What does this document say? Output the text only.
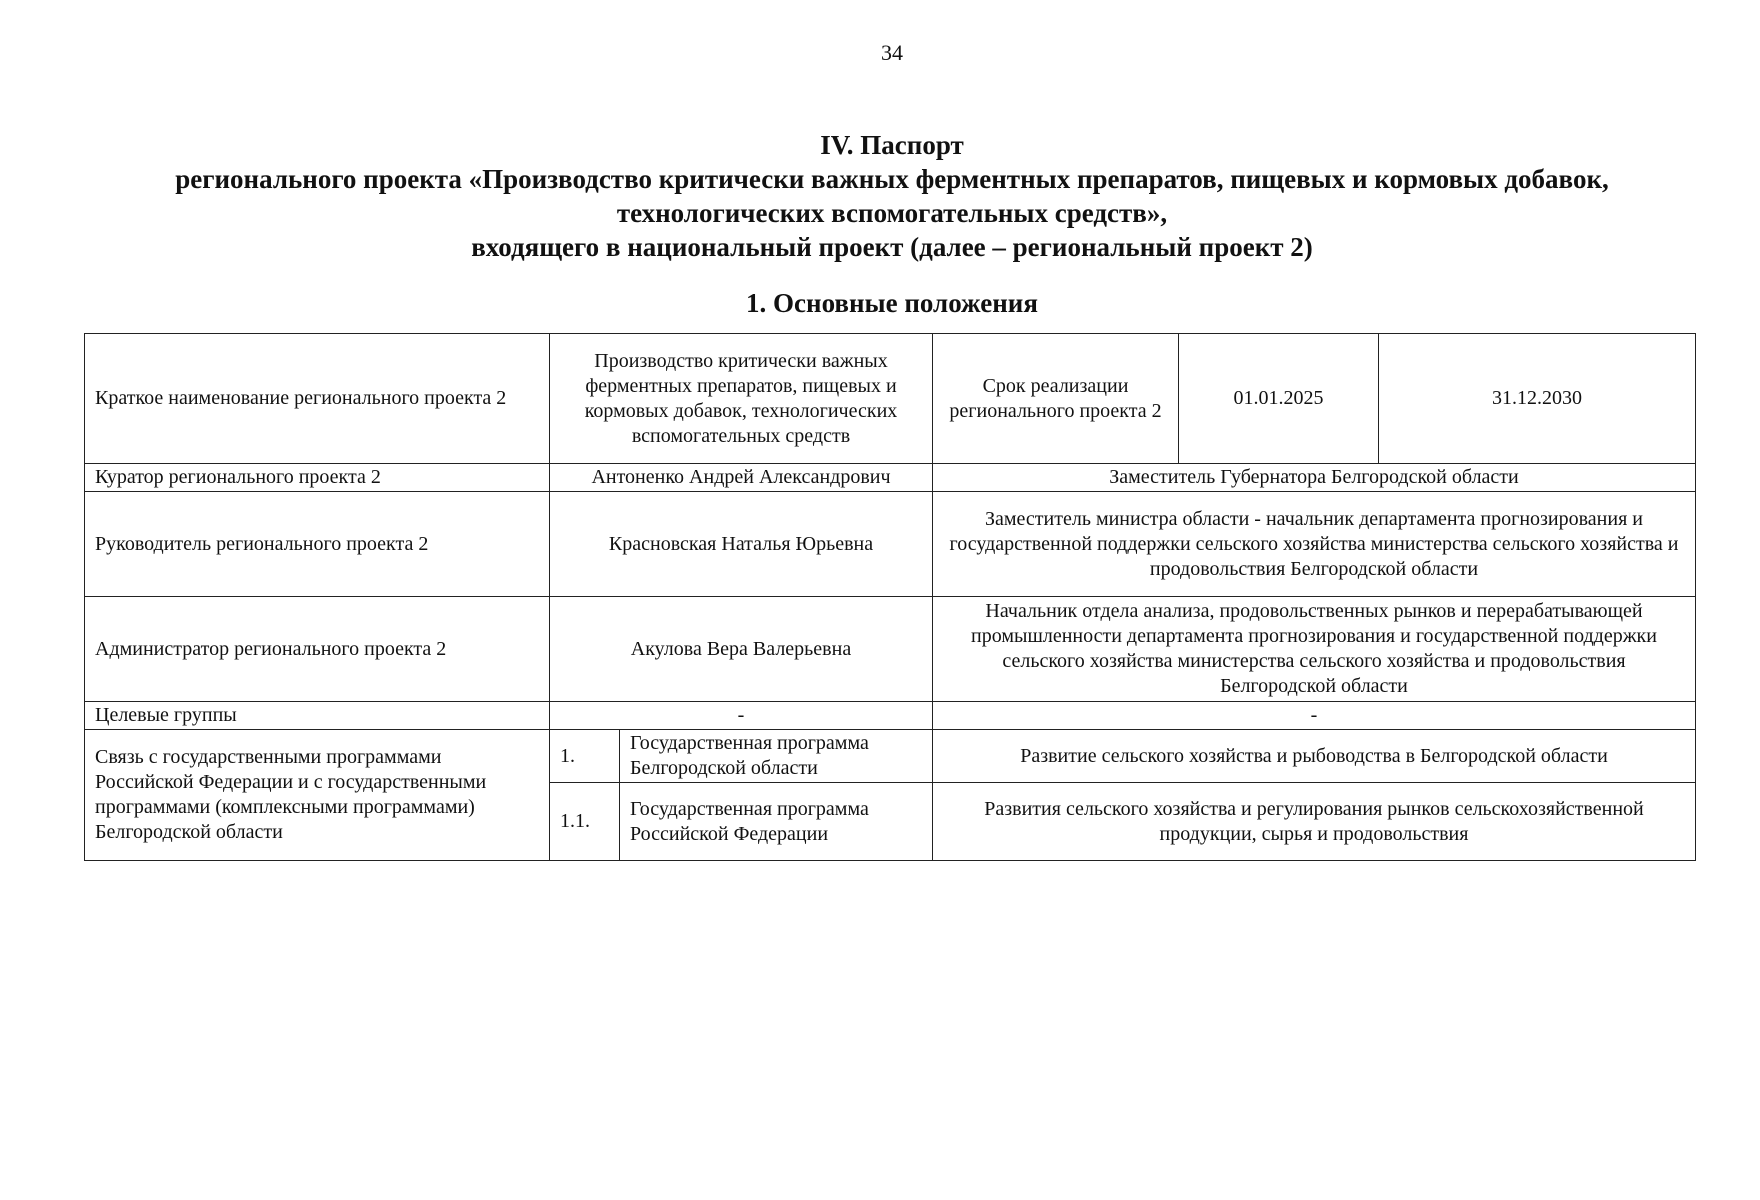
34
IV. Паспорт
регионального проекта «Производство критически важных ферментных препаратов, пищевых и кормовых добавок,
технологических вспомогательных средств»,
входящего в национальный проект (далее – региональный проект 2)
1. Основные положения
Краткое наименование регионального проекта 2	Производство критически важных ферментных препаратов, пищевых и кормовых добавок, технологических вспомогательных средств		Срок реализации регионального проекта 2	01.01.2025	31.12.2030
Куратор регионального проекта 2	Антоненко Андрей Александрович		Заместитель Губернатора Белгородской области		
Руководитель регионального проекта 2	Красновская Наталья Юрьевна		Заместитель министра области - начальник департамента прогнозирования и государственной поддержки сельского хозяйства министерства сельского хозяйства и продовольствия Белгородской области		
Администратор регионального проекта 2	Акулова Вера Валерьевна		Начальник отдела анализа, продовольственных рынков и перерабатывающей промышленности департамента прогнозирования и государственной поддержки сельского хозяйства министерства сельского хозяйства и продовольствия Белгородской области		
Целевые группы	-		-		
Связь с государственными программами Российской Федерации и с государственными программами (комплексными программами) Белгородской области	1.	Государственная программа Белгородской области	Развитие сельского хозяйства и рыбоводства в Белгородской области		
	1.1.	Государственная программа Российской Федерации	Развития сельского хозяйства и регулирования рынков сельскохозяйственной продукции, сырья и продовольствия		
